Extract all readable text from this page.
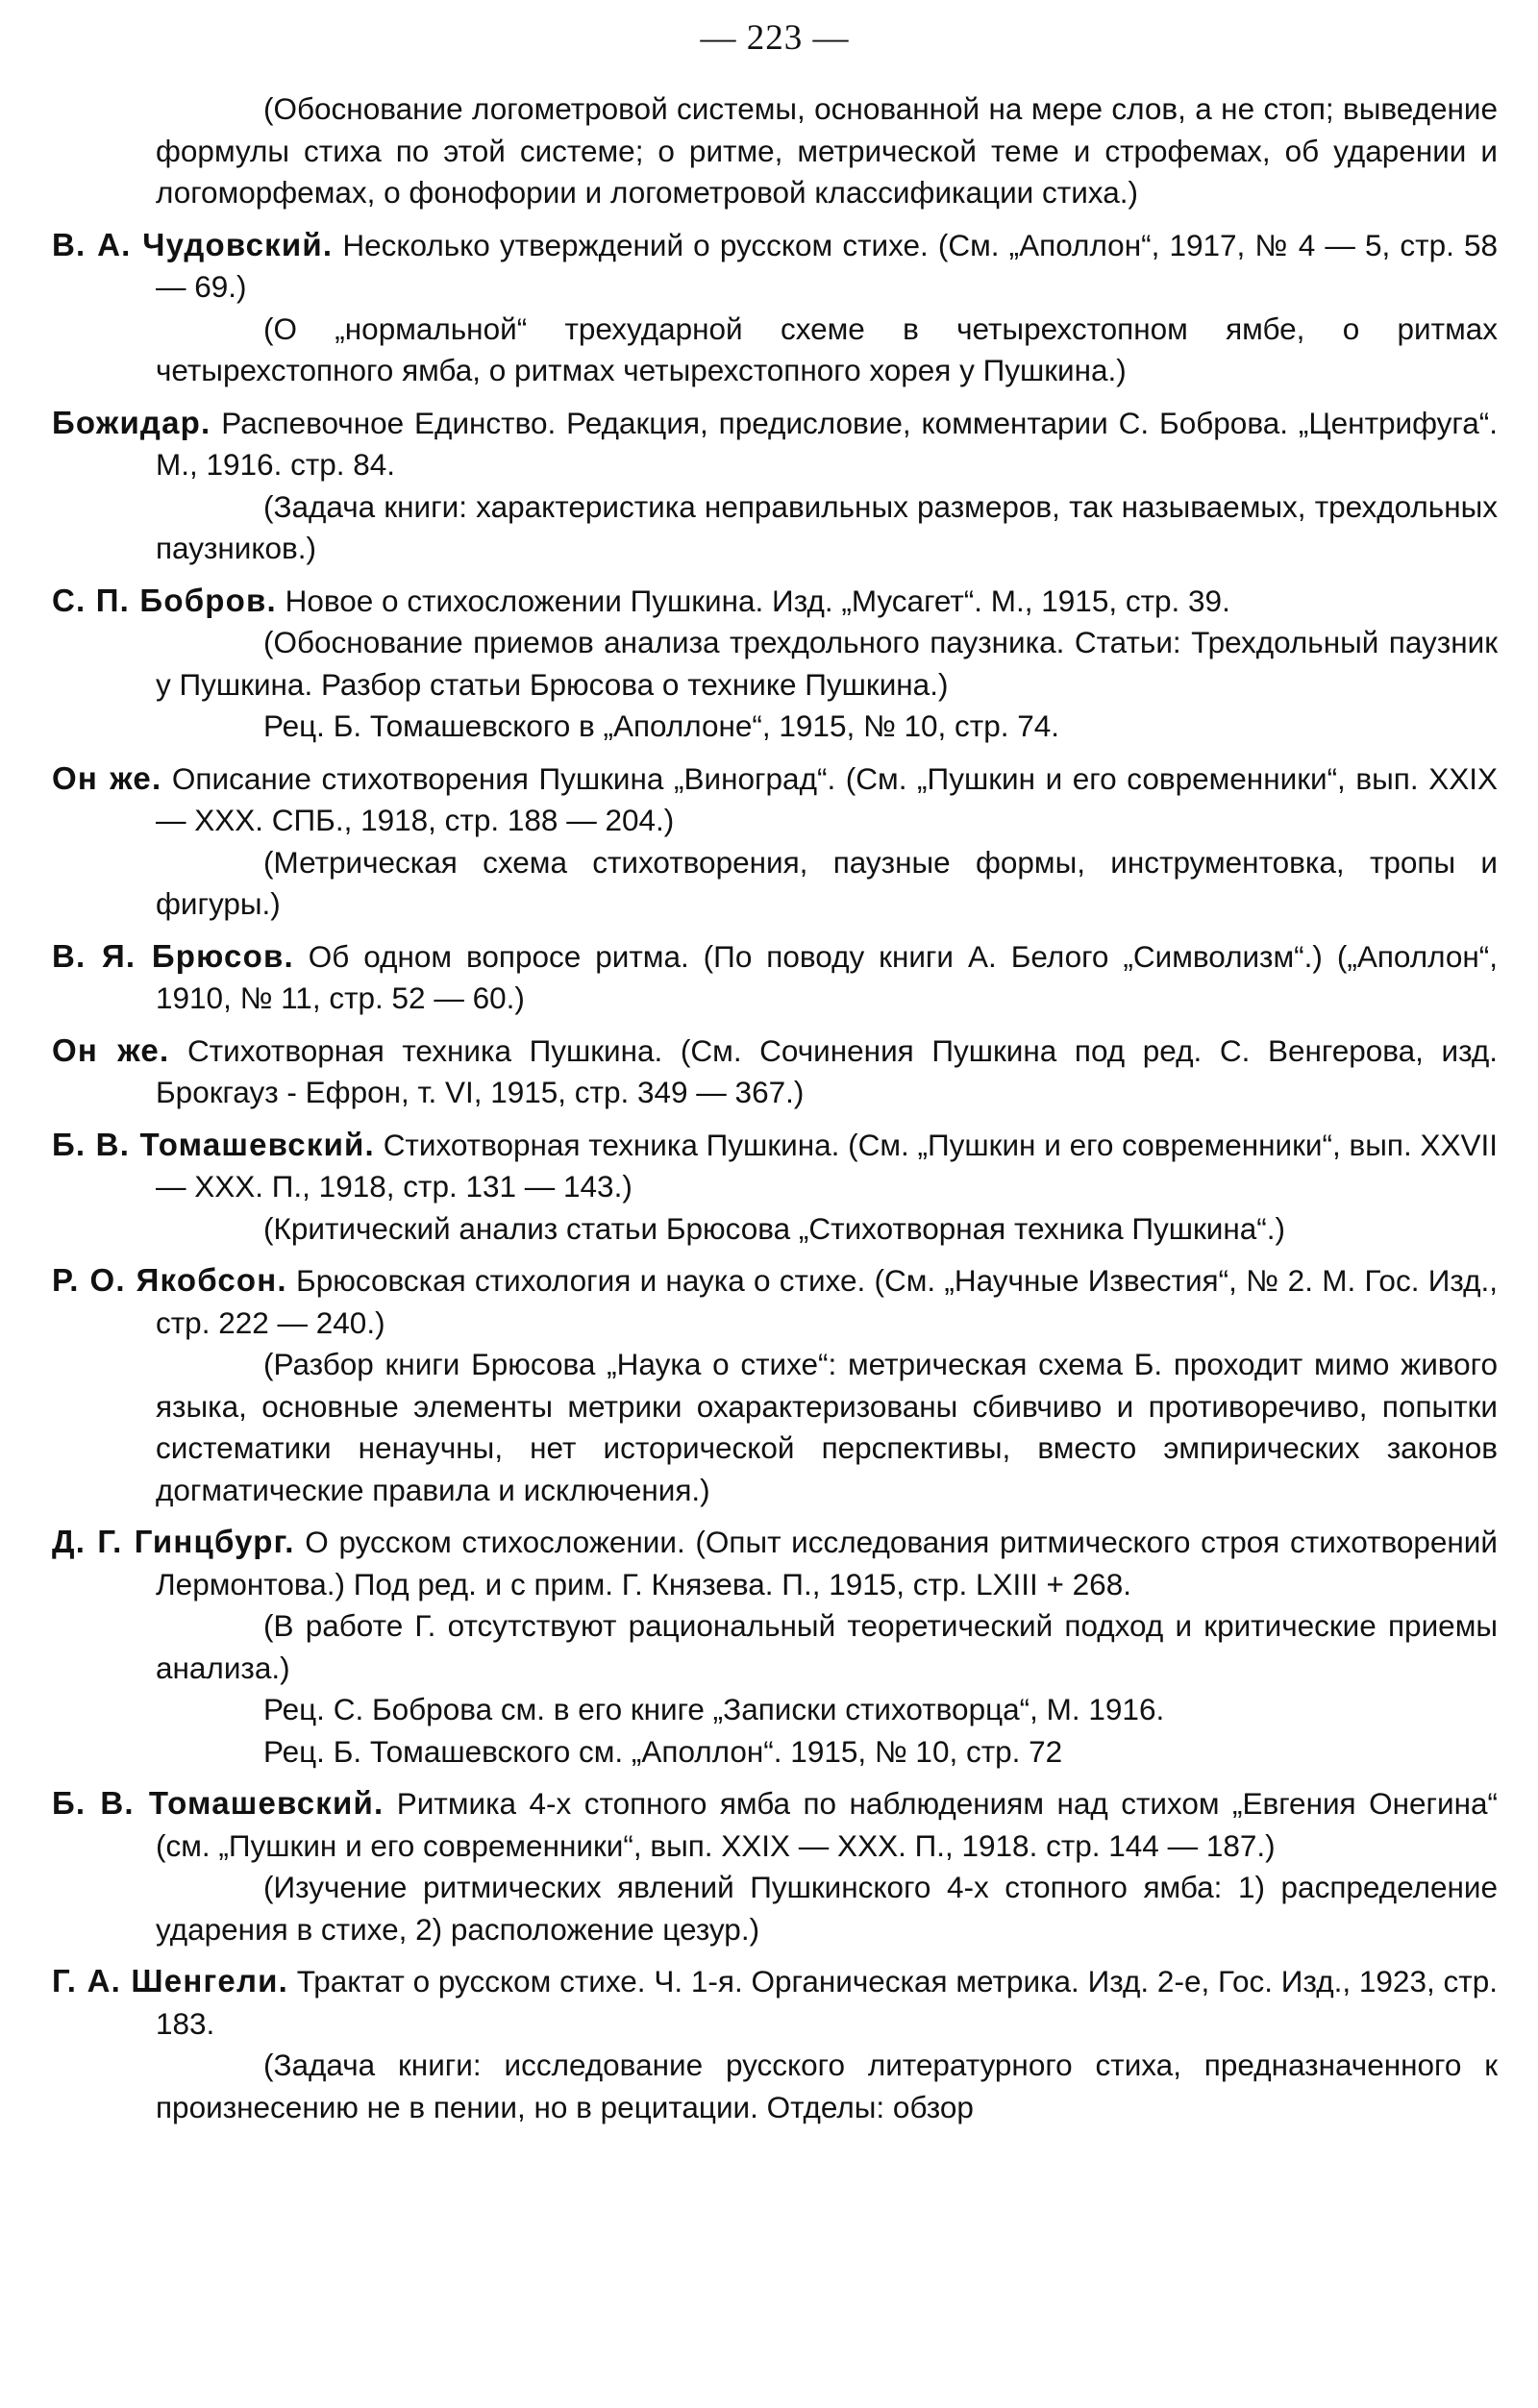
— 223 —

(Обоснование логометровой системы, основанной на мере слов, а не стоп; выведение формулы стиха по этой системе; о ритме, метрической теме и строфемах, об ударении и логоморфемах, о фонофории и логометровой классификации стиха.)

В. А. Чудовский. Несколько утверждений о русском стихе. (См. „Аполлон“, 1917, № 4 — 5, стр. 58 — 69.)

(О „нормальной“ трехударной схеме в четырехстопном ямбе, о ритмах четырехстопного ямба, о ритмах четырехстопного хорея у Пушкина.)

Божидар. Распевочное Единство. Редакция, предисловие, комментарии С. Боброва. „Центрифуга“. М., 1916. стр. 84.

(Задача книги: характеристика неправильных размеров, так называемых, трехдольных паузников.)

С. П. Бобров. Новое о стихосложении Пушкина. Изд. „Мусагет“. М., 1915, стр. 39.

(Обоснование приемов анализа трехдольного паузника. Статьи: Трехдольный паузник у Пушкина. Разбор статьи Брюсова о технике Пушкина.)

Рец. Б. Томашевского в „Аполлоне“, 1915, № 10, стр. 74.

Он же. Описание стихотворения Пушкина „Виноград“. (См. „Пушкин и его современники“, вып. XXIX — XXX. СПБ., 1918, стр. 188 — 204.)

(Метрическая схема стихотворения, паузные формы, инструментовка, тропы и фигуры.)

В. Я. Брюсов. Об одном вопросе ритма. (По поводу книги А. Белого „Символизм“.) („Аполлон“, 1910, № 11, стр. 52 — 60.)

Он же. Стихотворная техника Пушкина. (См. Сочинения Пушкина под ред. С. Венгерова, изд. Брокгауз - Ефрон, т. VI, 1915, стр. 349 — 367.)

Б. В. Томашевский. Стихотворная техника Пушкина. (См. „Пушкин и его современники“, вып. XXVII — XXX. П., 1918, стр. 131 — 143.)

(Критический анализ статьи Брюсова „Стихотворная техника Пушкина“.)

Р. О. Якобсон. Брюсовская стихология и наука о стихе. (См. „Научные Известия“, № 2. М. Гос. Изд., стр. 222 — 240.)

(Разбор книги Брюсова „Наука о стихе“: метрическая схема Б. проходит мимо живого языка, основные элементы метрики охарактеризованы сбивчиво и противоречиво, попытки систематики ненаучны, нет исторической перспективы, вместо эмпирических законов догматические правила и исключения.)

Д. Г. Гинцбург. О русском стихосложении. (Опыт исследования ритмического строя стихотворений Лермонтова.) Под ред. и с прим. Г. Князева. П., 1915, стр. LXIII + 268.

(В работе Г. отсутствуют рациональный теоретический подход и критические приемы анализа.)

Рец. С. Боброва см. в его книге „Записки стихотворца“, М. 1916.

Рец. Б. Томашевского см. „Аполлон“. 1915, № 10, стр. 72

Б. В. Томашевский. Ритмика 4-х стопного ямба по наблюдениям над стихом „Евгения Онегина“ (см. „Пушкин и его современники“, вып. XXIX — XXX. П., 1918. стр. 144 — 187.)

(Изучение ритмических явлений Пушкинского 4-х стопного ямба: 1) распределение ударения в стихе, 2) расположение цезур.)

Г. А. Шенгели. Трактат о русском стихе. Ч. 1-я. Органическая метрика. Изд. 2-е, Гос. Изд., 1923, стр. 183.

(Задача книги: исследование русского литературного стиха, предназначенного к произнесению не в пении, но в рецитации. Отделы: обзор
